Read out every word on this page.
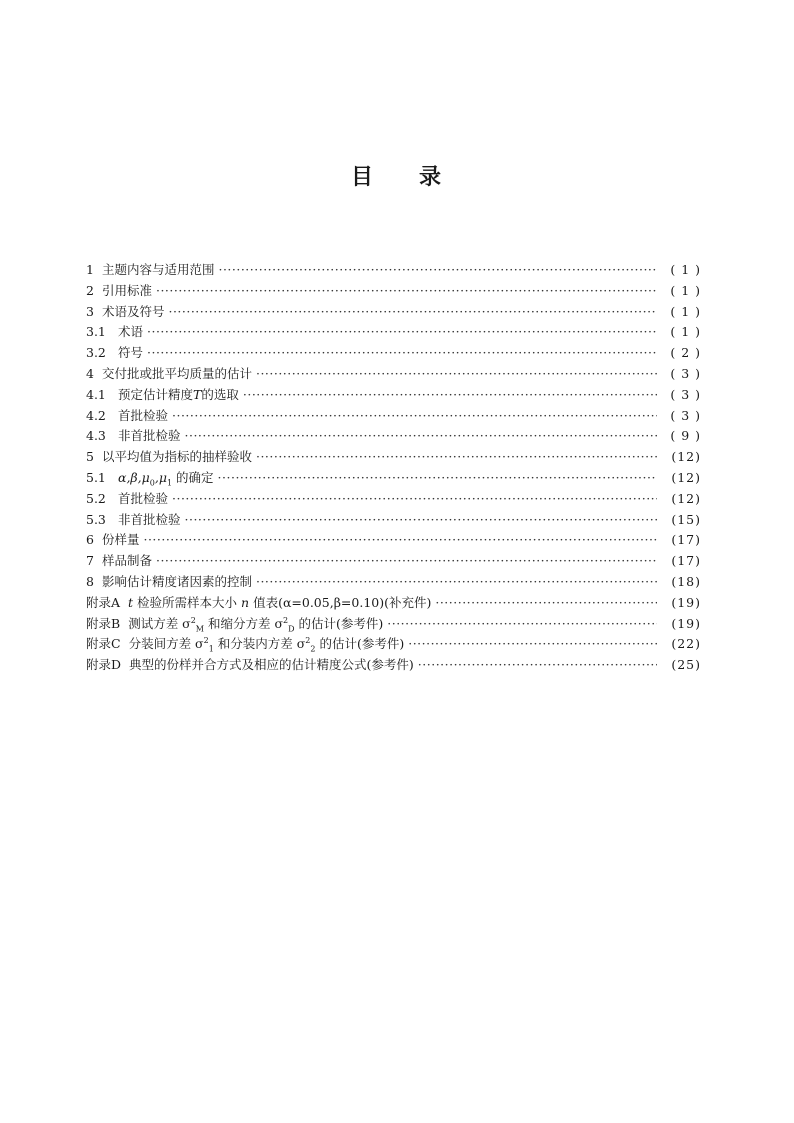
目 录
1 主题内容与适用范围 ·····	( 1 )
2 引用标准 ·····	( 1 )
3 术语及符号 ·····	( 1 )
3.1 术语 ·····	( 1 )
3.2 符号 ·····	( 2 )
4 交付批或批平均质量的估计 ·····	( 3 )
4.1 预定估计精度T的选取 ·····	( 3 )
4.2 首批检验 ·····	( 3 )
4.3 非首批检验 ·····	( 9 )
5 以平均值为指标的抽样验收 ·····	(12)
5.1 $\alpha,\beta,\mu_0,\mu_1$ 的确定 ·····	(12)
5.2 首批检验 ·····	(12)
5.3 非首批检验 ·····	(15)
6 份样量 ·····	(17)
7 样品制备 ·····	(17)
8 影响估计精度诸因素的控制 ·····	(18)
附录A t 检验所需样本大小 n 值表(α=0.05,β=0.10)(补充件) ·····	(19)
附录B 测试方差 $\sigma^2_M$ 和缩分方差 $\sigma^2_D$ 的估计(参考件) ·····	(19)
附录C 分装间方差 $\sigma^2_1$ 和分装内方差 $\sigma^2_2$ 的估计(参考件) ·····	(22)
附录D 典型的份样并合方式及相应的估计精度公式(参考件) ·····	(25)
